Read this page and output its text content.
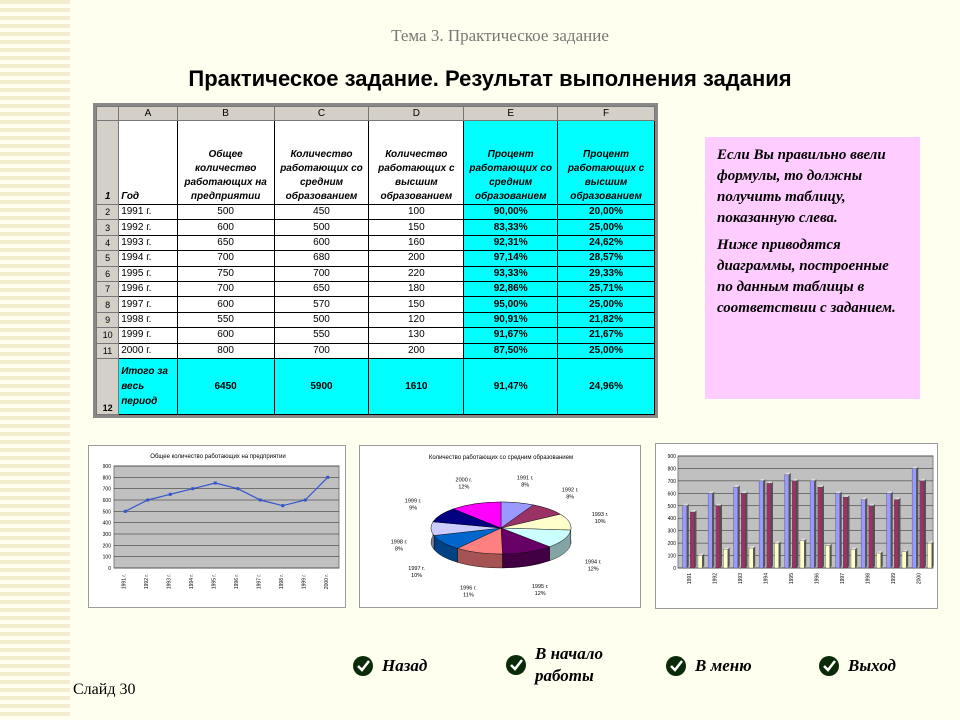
Тема 3. Практическое задание
Практическое задание. Результат выполнения задания
	A	B	C	D	E	F
1	Год	Общее количество работающих на предприятии	Количество работающих со средним образованием	Количество работающих с высшим образованием	Процент работающих со средним образованием	Процент работающих с высшим образованием
2	1991 г.	500	450	100	90,00%	20,00%
3	1992 г.	600	500	150	83,33%	25,00%
4	1993 г.	650	600	160	92,31%	24,62%
5	1994 г.	700	680	200	97,14%	28,57%
6	1995 г.	750	700	220	93,33%	29,33%
7	1996 г.	700	650	180	92,86%	25,71%
8	1997 г.	600	570	150	95,00%	25,00%
9	1998 г.	550	500	120	90,91%	21,82%
10	1999 г.	600	550	130	91,67%	21,67%
11	2000 г.	800	700	200	87,50%	25,00%
12	Итого за весь период	6450	5900	1610	91,47%	24,96%

Если Вы правильно ввели формулы, то должны получить таблицу, показанную слева.

Ниже приводятся диаграммы, построенные по данным таблицы в соответствии с заданием.

Общее количество работающих на предприятии
0
100
200
300
400
500
600
700
800
900
1991 г.	1992 г.	1993 г.	1994 г.	1995 г.	1996 г.	1997 г.	1998 г.	1999 г.	2000 г.
Количество работающих со средним образованием
1991 г.
8%
1992 г.
8%
1993 г.
10%
1994 г.
12%
1995 г.
12%
1996 г.
11%
1997 г.
10%
1998 г.
8%
1999 г.
9%
2000 г.
12%
0
100
200
300
400
500
600
700
800
900
1991	1992	1993	1994	1995	1996	1997	1998	1999	2000
Назад
В начало
работы
В меню	Выход
Слайд 30
